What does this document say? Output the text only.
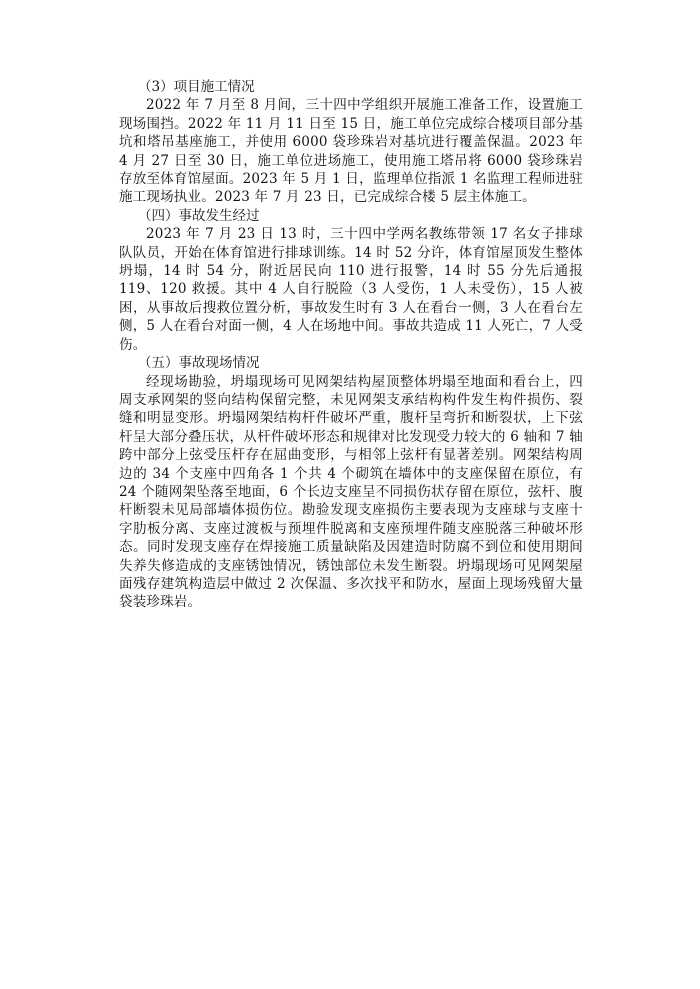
（3）项目施工情况

2022 年 7 月至 8 月间，三十四中学组织开展施工准备工作，设置施工现场围挡。2022 年 11 月 11 日至 15 日，施工单位完成综合楼项目部分基坑和塔吊基座施工，并使用 6000 袋珍珠岩对基坑进行覆盖保温。2023 年 4 月 27 日至 30 日，施工单位进场施工，使用施工塔吊将 6000 袋珍珠岩存放至体育馆屋面。2023 年 5 月 1 日，监理单位指派 1 名监理工程师进驻施工现场执业。2023 年 7 月 23 日，已完成综合楼 5 层主体施工。

（四）事故发生经过

2023 年 7 月 23 日 13 时，三十四中学两名教练带领 17 名女子排球队队员，开始在体育馆进行排球训练。14 时 52 分许，体育馆屋顶发生整体坍塌，14 时 54 分，附近居民向 110 进行报警，14 时 55 分先后通报 119、120 救援。其中 4 人自行脱险（3 人受伤，1 人未受伤），15 人被困，从事故后搜救位置分析，事故发生时有 3 人在看台一侧，3 人在看台左侧，5 人在看台对面一侧，4 人在场地中间。事故共造成 11 人死亡，7 人受伤。

（五）事故现场情况

经现场勘验，坍塌现场可见网架结构屋顶整体坍塌至地面和看台上，四周支承网架的竖向结构保留完整，未见网架支承结构构件发生构件损伤、裂缝和明显变形。坍塌网架结构杆件破坏严重，腹杆呈弯折和断裂状，上下弦杆呈大部分叠压状，从杆件破坏形态和规律对比发现受力较大的 6 轴和 7 轴跨中部分上弦受压杆存在屈曲变形，与相邻上弦杆有显著差别。网架结构周边的 34 个支座中四角各 1 个共 4 个砌筑在墙体中的支座保留在原位，有 24 个随网架坠落至地面，6 个长边支座呈不同损伤状存留在原位，弦杆、腹杆断裂未见局部墙体损伤位。勘验发现支座损伤主要表现为支座球与支座十字肋板分离、支座过渡板与预埋件脱离和支座预埋件随支座脱落三种破坏形态。同时发现支座存在焊接施工质量缺陷及因建造时防腐不到位和使用期间失养失修造成的支座锈蚀情况，锈蚀部位未发生断裂。坍塌现场可见网架屋面残存建筑构造层中做过 2 次保温、多次找平和防水，屋面上现场残留大量袋装珍珠岩。
